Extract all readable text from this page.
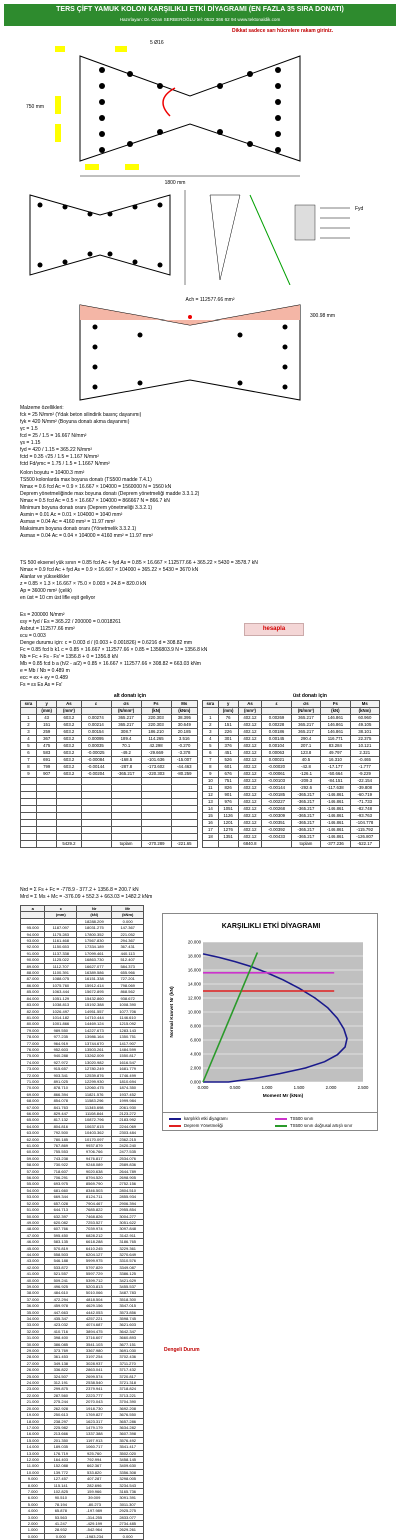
TERS ÇİFT YAMUK KOLON KARŞILIKLI ETKİ DİYAGRAMI (EN FAZLA 35 SIRA DONATI)
Hazırlayan: Dr. Ozan SERBEROĞLU tel: 0532 366 62 94 www.tektonaldik.com
Dikkat sadece sarı hücrelere rakam giriniz.
1800 mm
750 mm
5 Ø16
Fyd
Ach = 112577.66 mm²
300.98 mm
Malzeme özellikleri:
fck = 25 N/mm² (Ydak beton silindirik basınç dayanımı)
fyk = 420 N/mm² (Boyuna donatı akma dayanımı)
γc = 1.5
fcd = 25 / 1.5 = 16.667 N/mm²
γs = 1.15
fyd = 420 / 1.15 = 365.22 N/mm²
fctd = 0.35 √25 / 1.5 = 1.167 N/mm²
fctd Fd/γmc = 1.75 / 1.5 = 1.1667 N/mm²
Kolon boyutu = 10400.3 mm²
TS500 kolonlarda max boyuna donatı (TS500 madde 7.4.1)
Nmax = 0.6 fcd Ac = 0.9 × 16.667 × 104000 = 1560000 N = 1560 kN
Deprem yönetmeliğinde max boyuna donatı (Deprem yönetmeliği madde 3.3.1.2)
Nmax = 0.5 fcd Ac = 0.5 × 16.667 × 104000 = 866667 N = 866.7 kN
Minimum boyuna donatı oranı (Deprem yönetmeliği 3.3.2.1)
Asmin = 0.01 Ac = 0.01 × 104000 = 1040 mm²
Asmax = 0.04 Ac = 4160 mm² = 11.97 mm²
Maksimum boyuna donatı oranı (Yönetmelik 3.3.2.1)
Asmax = 0.04 Ac = 0.04 × 104000 = 4160 mm² = 11.97 mm²
TS 500 eksenel yük sınırı = 0.85 fcd Ac + fyd As = 0.85 × 16.667 × 112577.66 + 365.22 × 5430 = 3578.7 kN
Nmax = 0.9 fcd Ac + fyd As = 0.9 × 16.667 × 104000 + 365.22 × 5430 = 3670 kN
Alanlar ve yükseklikler
z = 0.85 × 1.3 × 16.667 × 75.0 × 0.003 × 24.8 = 820.0 kN
Ap = 36000 mm² (çelik)
en üst = 10 cm üst lifle eşit geliyor
Es = 200000 N/mm²
εsy = fyd / Es = 365.22 / 200000 = 0.0018261
Asbrut = 112577.66 mm²
εcu = 0.003
Denge durumu için: c = 0.003 d / (0.003 + 0.001826) = 0.6216 d = 308.82 mm
Fc = 0.85 fcd b k1 c = 0.85 × 16.667 × 112577.66 × 0.85 = 1356803.9 N = 1356.8 kN
Nb = Fc + Fs - Fs' = 1356.8 + 0 = 1356.8 kN
Mb = 0.85 fcd b a (h/2 - a/2) = 0.85 × 16.667 × 112577.66 × 308.82 = 663.03 kNm
e = Mb / Nb = 0.489 m
ecc = ex + ey = 0.489
Fs = εs Es As = Fs'
hesapla
alt donatı için	üst donatı için
sıra	y	As	ε	σs	Fs	Ms
	(mm)	(mm²)		(N/mm²)	(kN)	(kNm)
1	43	603.2	0.00274	365.217	220.303	38.395
2	151	603.2	0.00214	365.217	220.303	30.649
3	259	603.2	0.00154	308.7	186.210	20.185
4	367	603.2	0.00095	189.4	114.265	3.516
5	475	603.2	0.00035	70.1	42.298	-0.270
6	583	603.2	-0.00025	-49.2	-29.669	-3.378
7	691	603.2	-0.00084	-168.5	-101.636	-15.007
8	799	603.2	-0.00144	-287.8	-173.602	-44.463
9	907	603.2	-0.00204	-365.217	-220.303	-80.259

		5429.2		toplam	-270.289	-221.65
sıra	y	As	ε	σs	Fs	Ms
	(mm)	(mm²)		(N/mm²)	(kN)	(kNm)
1	76	402.12	0.00269	365.217	146.861	60.960
2	151	402.12	0.00228	365.217	146.861	49.105
3	226	402.12	0.00186	365.217	146.861	38.101
4	301	402.12	0.00145	290.4	116.771	22.375
5	376	402.12	0.00104	207.1	83.284	10.121
6	451	402.12	0.00063	123.8	49.797	2.321
7	526	402.12	0.00021	40.5	16.310	-0.465
8	601	402.12	-0.00020	-42.8	-17.177	-1.777
9	676	402.12	-0.00061	-126.1	-50.664	-9.229
10	751	402.12	-0.00103	-209.3	-84.151	-22.154
11	826	402.12	-0.00144	-292.6	-117.638	-39.808
12	901	402.12	-0.00185	-365.217	-146.861	-60.719
13	976	402.12	-0.00227	-365.217	-146.861	-71.733
14	1051	402.12	-0.00268	-365.217	-146.861	-82.748
15	1126	402.12	-0.00309	-365.217	-146.861	-93.763
16	1201	402.12	-0.00351	-365.217	-146.861	-104.778
17	1276	402.12	-0.00392	-365.217	-146.861	-115.792
18	1351	402.12	-0.00433	-365.217	-146.861	-126.807
		6840.8		toplam	-377.236	-522.17
Nrd = Σ Fs + Fc = -778.9 - 377.2 + 1356.8 = 200.7 kN
Mrd = Σ Ms + Mc = -376.09 + 552.3 + 663.03 = 1482.2 kNm
a	c	Nr	Mr
	(mm)	(kN)	(kNm)
		18288.209	0.000
95.000	1187.097	18031.275	147.367
94.000	1175.283	17800.352	221.052
93.000	1161.468	17567.830	294.367
92.000	1150.653	17334.189	367.431
91.000	1137.338	17099.461	440.113
90.000	1125.022	16863.730	512.407
89.000	1112.707	16627.077	584.373
88.000	1100.391	16389.586	655.966
87.000	1088.075	16151.338	727.201
86.000	1075.760	15912.414	798.069
85.000	1063.444	15672.895	868.562
84.000	1051.129	15432.860	938.672
83.000	1038.813	15192.388	1008.390
82.000	1026.497	14951.557	1077.706
81.000	1014.182	14710.444	1146.610
80.000	1001.866	14469.124	1215.092
79.000	989.550	14227.673	1283.143
78.000	977.235	13986.164	1350.751
77.000	964.919	13744.670	1417.907
76.000	952.603	13503.261	1484.599
75.000	940.288	13262.009	1550.817
74.000	927.972	13020.982	1616.547
73.000	915.657	12780.249	1681.779
72.000	903.341	12539.876	1746.499
71.000	891.025	12299.930	1810.694
70.000	878.710	12060.475	1874.350
69.000	866.394	11821.576	1937.452
68.000	854.078	11583.296	1999.984
67.000	841.763	11345.698	2061.930
66.000	829.447	11108.844	2123.272
65.000	817.132	10872.796	2183.992
64.000	804.816	10637.615	2244.069
63.000	792.500	10403.362	2303.484
62.000	780.185	10170.097	2362.215
61.000	767.869	9937.879	2420.240
60.000	755.553	9706.766	2477.535
59.000	743.238	9476.817	2534.076
58.000	730.922	9248.089	2589.836
57.000	718.607	9020.638	2644.789
56.000	706.291	8794.520	2698.905
55.000	693.975	8569.790	2752.156
54.000	681.660	8346.503	2804.510
53.000	669.344	8124.711	2855.934
52.000	657.028	7904.467	2906.394
51.000	644.713	7685.822	2955.854
50.000	632.397	7468.826	3004.277
49.000	620.082	7253.527	3051.622
48.000	607.766	7039.974	3097.848
47.000	595.450	6828.212	3142.911
46.000	583.135	6618.288	3186.765
45.000	570.819	6410.245	3229.361
44.000	558.503	6204.127	3270.649
43.000	546.188	5999.975	3310.576
42.000	533.872	5797.829	3349.087
41.000	521.557	5597.729	3386.125
40.000	509.241	5399.712	3421.629
39.000	496.925	5203.813	3455.537
38.000	484.610	5010.066	3487.783
37.000	472.294	4818.504	3518.300
36.000	459.978	4629.156	3547.015
35.000	447.663	4442.053	3573.856
34.000	435.347	4257.221	3598.745
33.000	423.032	4074.687	3621.603
32.000	410.716	3894.475	3642.347
31.000	398.400	3716.607	3660.893
30.000	386.085	3541.103	3677.151
29.000	373.769	3367.980	3691.030
28.000	361.453	3197.254	3702.436
27.000	349.138	3028.937	3711.270
26.000	336.822	2863.041	3717.432
25.000	324.507	2699.574	3720.817
24.000	312.191	2538.540	3721.318
23.000	299.875	2379.941	3718.824
22.000	287.560	2223.777	3713.221
21.000	275.244	2070.043	3704.390
20.000	262.928	1918.730	3692.208
19.000	250.613	1769.827	3676.550
18.000	238.297	1623.317	3657.286
17.000	225.982	1479.179	3634.282
16.000	213.666	1337.388	3607.398
15.000	201.350	1197.913	3576.492
14.000	189.035	1060.717	3541.417
13.000	176.719	925.760	3502.020
12.000	164.403	792.994	3458.145
11.000	152.088	662.367	3409.630
10.000	139.772	533.820	3356.308
9.000	127.457	407.287	3298.005
8.000	115.141	282.696	3234.543
7.000	102.825	159.966	3165.736
6.000	90.510	39.009	3091.391
5.000	78.194	-80.273	3011.307
4.000	65.878	-197.989	2925.275
3.000	53.563	-314.255	2833.077
2.000	41.247	-429.199	2734.485
1.000	28.932	-542.964	2629.261
0.000	0.000	-1983.234	0.000
Dengeli Durum
KARŞILIKLI ETKİ DİYAGRAMI
0.000
2.000
4.000
6.000
8.000
10.000
12.000
14.000
16.000
18.000
20.000
0.000	0.500	1.000	1.500	2.000	2.500
Moment Mr (kNm)
Normal Kuvvet Nr (kN)
karşılıklı etki diyagramı	TS500 sınırı
Deprem Yönetmeliği	TS500 sınırı doğrusal artışlı sınır
